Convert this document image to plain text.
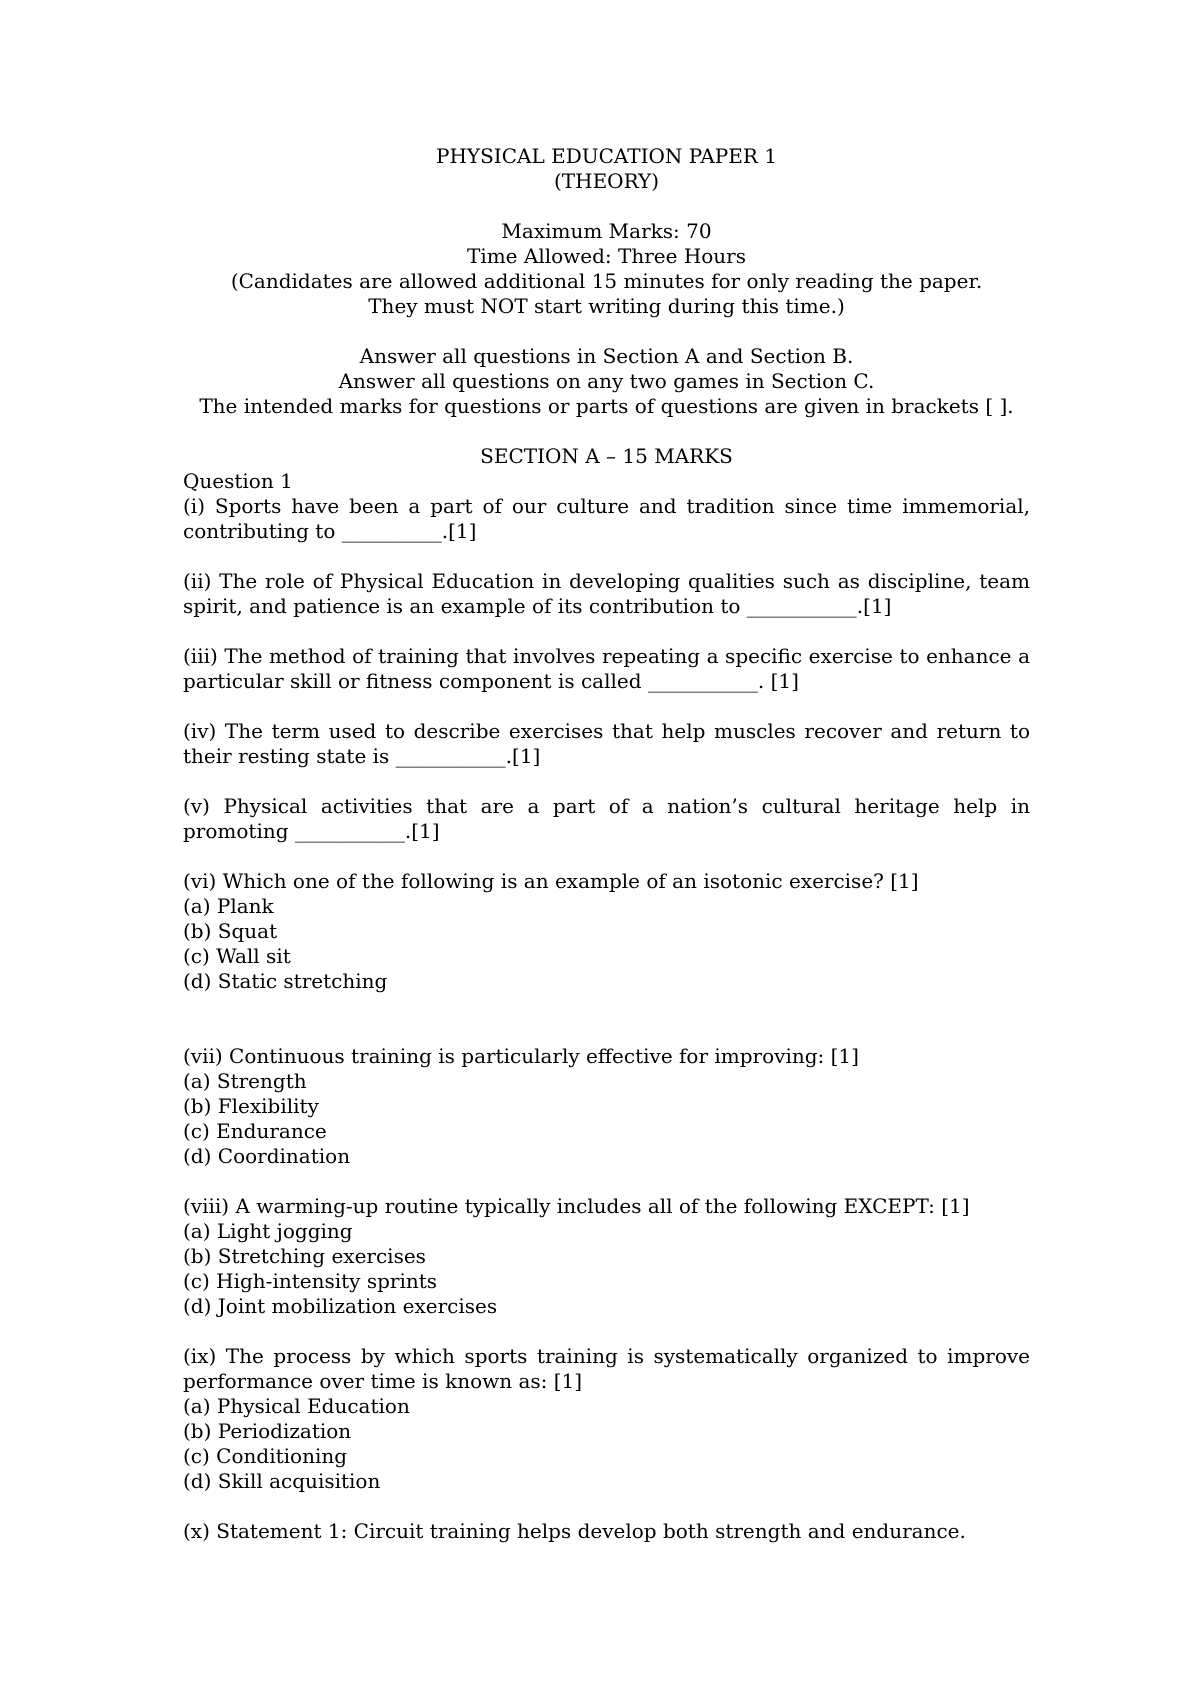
PHYSICAL EDUCATION PAPER 1
(THEORY)
Maximum Marks: 70
Time Allowed: Three Hours
(Candidates are allowed additional 15 minutes for only reading the paper.
They must NOT start writing during this time.)
Answer all questions in Section A and Section B.
Answer all questions on any two games in Section C.
The intended marks for questions or parts of questions are given in brackets [ ].
SECTION A – 15 MARKS
Question 1
(i) Sports have been a part of our culture and tradition since time immemorial, contributing to __________.[1]
(ii) The role of Physical Education in developing qualities such as discipline, team spirit, and patience is an example of its contribution to ___________.[1]
(iii) The method of training that involves repeating a specific exercise to enhance a particular skill or fitness component is called ___________. [1]
(iv) The term used to describe exercises that help muscles recover and return to their resting state is ___________.[1]
(v) Physical activities that are a part of a nation’s cultural heritage help in promoting ___________.[1]
(vi) Which one of the following is an example of an isotonic exercise? [1]
(a) Plank
(b) Squat
(c) Wall sit
(d) Static stretching
(vii) Continuous training is particularly effective for improving: [1]
(a) Strength
(b) Flexibility
(c) Endurance
(d) Coordination
(viii) A warming-up routine typically includes all of the following EXCEPT: [1]
(a) Light jogging
(b) Stretching exercises
(c) High-intensity sprints
(d) Joint mobilization exercises
(ix) The process by which sports training is systematically organized to improve performance over time is known as: [1]
(a) Physical Education
(b) Periodization
(c) Conditioning
(d) Skill acquisition
(x) Statement 1: Circuit training helps develop both strength and endurance.
